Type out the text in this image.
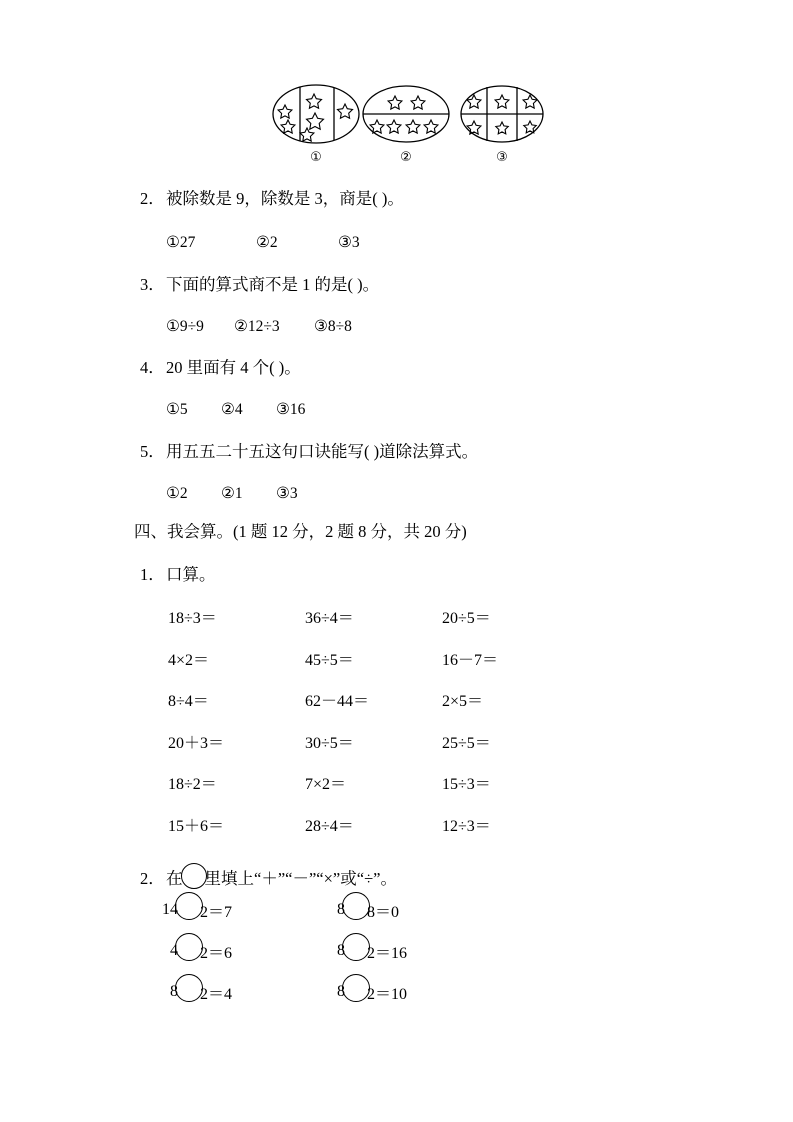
①	②	③
2．被除数是 9，除数是 3，商是( )。
①27	②2	③3
3．下面的算式商不是 1 的是( )。
①9÷9 ②12÷3 ③8÷8
4．20 里面有 4 个( )。
①5 ②4 ③16
5．用五五二十五这句口诀能写( )道除法算式。
①2 ②1 ③3
四、我会算。(1 题 12 分，2 题 8 分，共 20 分)
1．口算。
18÷3＝	36÷4＝	20÷5＝
4×2＝	45÷5＝	16－7＝
8÷4＝	62－44＝	2×5＝
20＋3＝	30÷5＝	25÷5＝
18÷2＝	7×2＝	15÷3＝
15＋6＝	28÷4＝	12÷3＝
2．在 里填上“＋”“－”“×”或“÷”。
14 2＝7	8 8＝0
4 2＝6	8 2＝16
8 2＝4	8 2＝10
